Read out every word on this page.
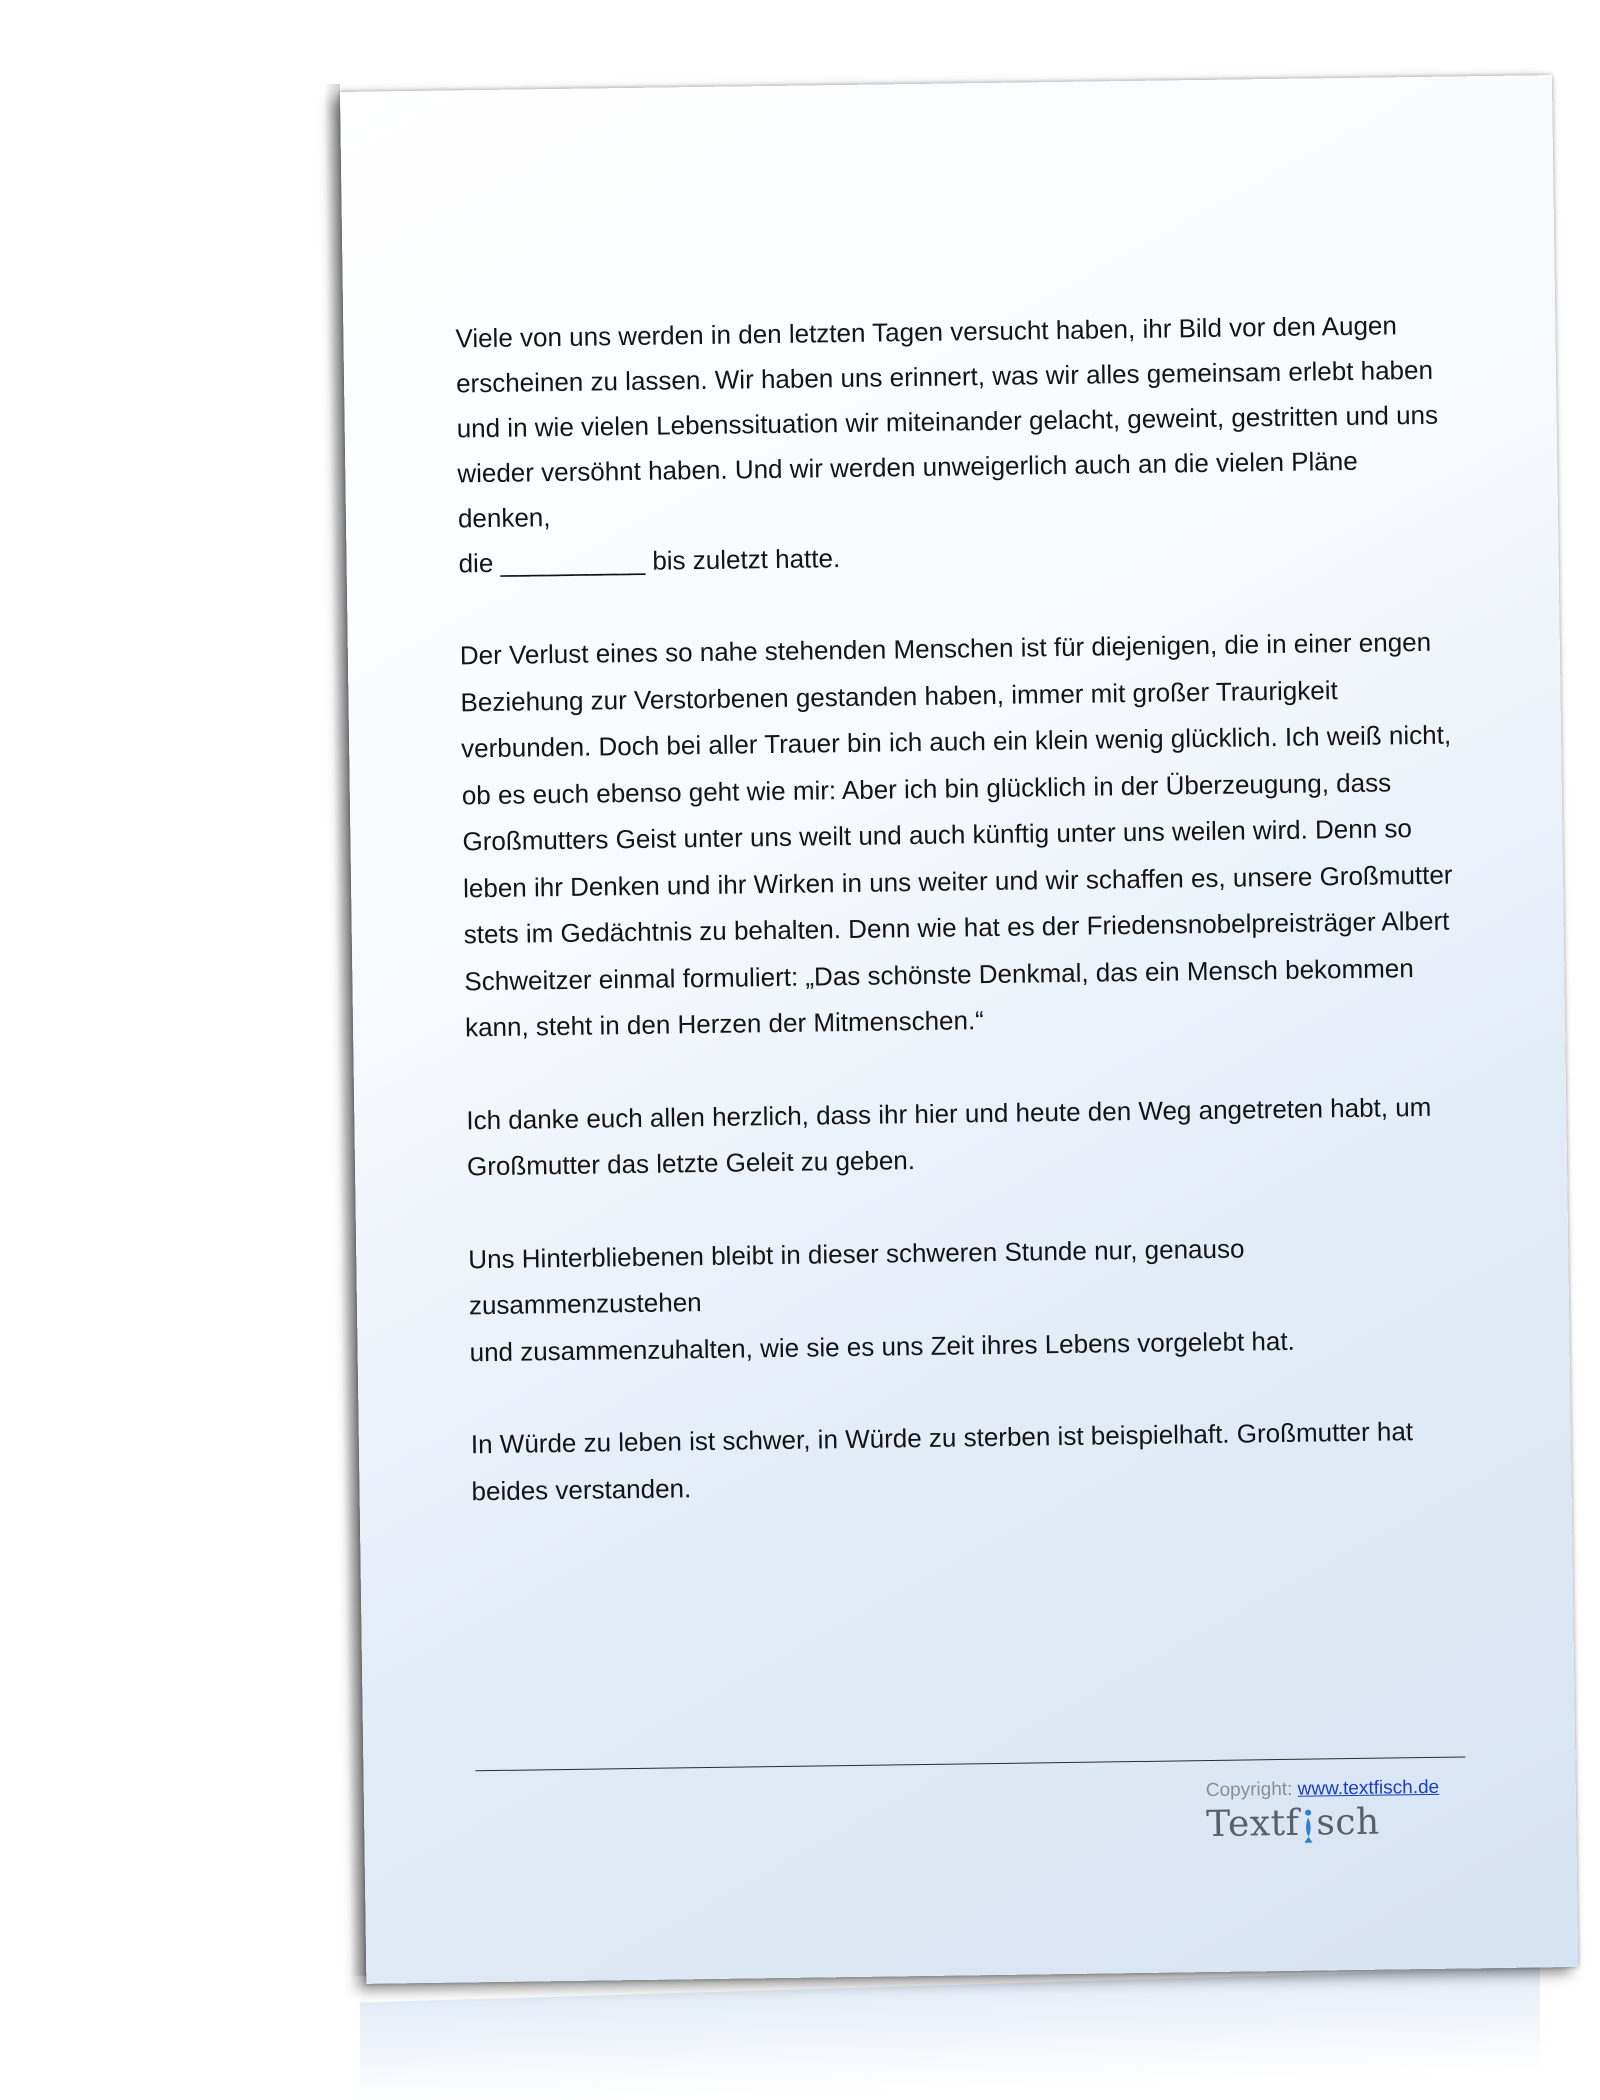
Viele von uns werden in den letzten Tagen versucht haben, ihr Bild vor den Augen
erscheinen zu lassen. Wir haben uns erinnert, was wir alles gemeinsam erlebt haben
und in wie vielen Lebenssituation wir miteinander gelacht, geweint, gestritten und uns
wieder versöhnt haben. Und wir werden unweigerlich auch an die vielen Pläne denken,
die __________ bis zuletzt hatte.

Der Verlust eines so nahe stehenden Menschen ist für diejenigen, die in einer engen
Beziehung zur Verstorbenen gestanden haben, immer mit großer Traurigkeit
verbunden. Doch bei aller Trauer bin ich auch ein klein wenig glücklich. Ich weiß nicht,
ob es euch ebenso geht wie mir: Aber ich bin glücklich in der Überzeugung, dass
Großmutters Geist unter uns weilt und auch künftig unter uns weilen wird. Denn so
leben ihr Denken und ihr Wirken in uns weiter und wir schaffen es, unsere Großmutter
stets im Gedächtnis zu behalten. Denn wie hat es der Friedensnobelpreisträger Albert
Schweitzer einmal formuliert: „Das schönste Denkmal, das ein Mensch bekommen
kann, steht in den Herzen der Mitmenschen.“

Ich danke euch allen herzlich, dass ihr hier und heute den Weg angetreten habt, um
Großmutter das letzte Geleit zu geben.

Uns Hinterbliebenen bleibt in dieser schweren Stunde nur, genauso zusammenzustehen
und zusammenzuhalten, wie sie es uns Zeit ihres Lebens vorgelebt hat.

In Würde zu leben ist schwer, in Würde zu sterben ist beispielhaft. Großmutter hat
beides verstanden.

Copyright: www.textfisch.de
Textf sch
